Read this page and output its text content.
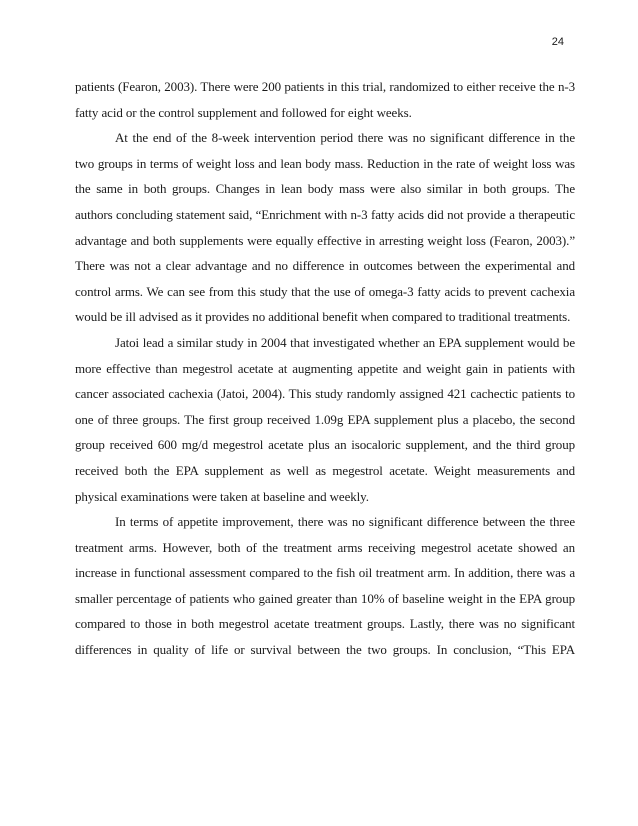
24
patients (Fearon, 2003). There were 200 patients in this trial, randomized to either receive the n-3
fatty acid or the control supplement and followed for eight weeks.
At the end of the 8-week intervention period there was no significant difference in the
two groups in terms of weight loss and lean body mass. Reduction in the rate of weight loss was
the same in both groups. Changes in lean body mass were also similar in both groups. The
authors concluding statement said, “Enrichment with n-3 fatty acids did not provide a therapeutic
advantage and both supplements were equally effective in arresting weight loss (Fearon, 2003).”
There was not a clear advantage and no difference in outcomes between the experimental and
control arms. We can see from this study that the use of omega-3 fatty acids to prevent cachexia
would be ill advised as it provides no additional benefit when compared to traditional treatments.
Jatoi lead a similar study in 2004 that investigated whether an EPA supplement would be
more effective than megestrol acetate at augmenting appetite and weight gain in patients with
cancer associated cachexia (Jatoi, 2004). This study randomly assigned 421 cachectic patients to
one of three groups. The first group received 1.09g EPA supplement plus a placebo, the second
group received 600 mg/d megestrol acetate plus an isocaloric supplement, and the third group
received both the EPA supplement as well as megestrol acetate. Weight measurements and
physical examinations were taken at baseline and weekly.
In terms of appetite improvement, there was no significant difference between the three
treatment arms. However, both of the treatment arms receiving megestrol acetate showed an
increase in functional assessment compared to the fish oil treatment arm. In addition, there was a
smaller percentage of patients who gained greater than 10% of baseline weight in the EPA group
compared to those in both megestrol acetate treatment groups. Lastly, there was no significant
differences in quality of life or survival between the two groups. In conclusion, “This EPA
